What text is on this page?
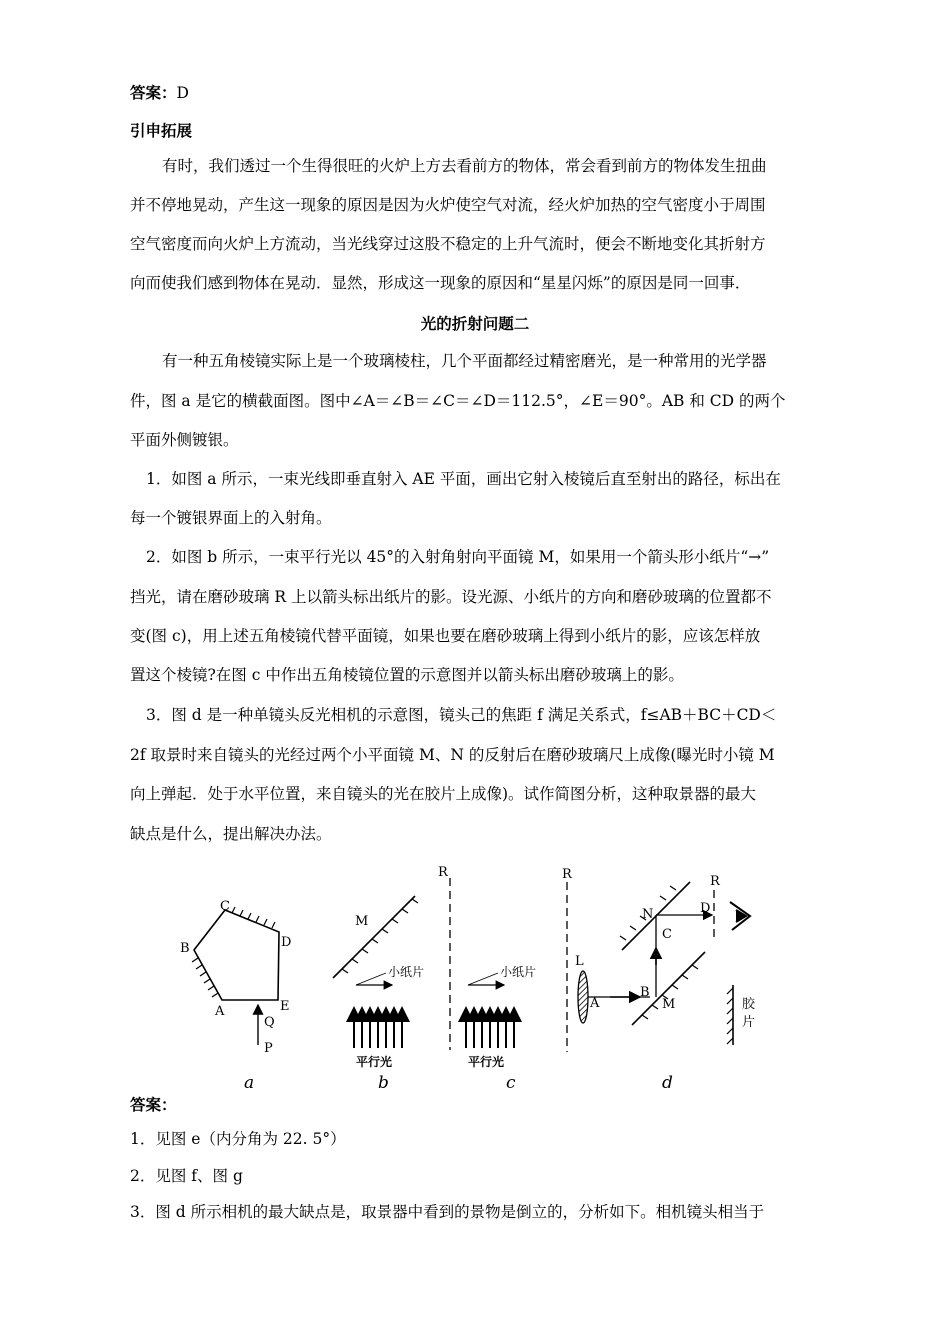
答案：D
引申拓展
有时，我们透过一个生得很旺的火炉上方去看前方的物体，常会看到前方的物体发生扭曲
并不停地晃动，产生这一现象的原因是因为火炉使空气对流，经火炉加热的空气密度小于周围
空气密度而向火炉上方流动，当光线穿过这股不稳定的上升气流时，便会不断地变化其折射方
向而使我们感到物体在晃动．显然，形成这一现象的原因和“星星闪烁”的原因是同一回事．
光的折射问题二
有一种五角棱镜实际上是一个玻璃棱柱，几个平面都经过精密磨光，是一种常用的光学器
件，图 a 是它的横截面图。图中∠A＝∠B＝∠C＝∠D＝112.5°，∠E＝90°。AB 和 CD 的两个
平面外侧镀银。
1．如图 a 所示，一束光线即垂直射入 AE 平面，画出它射入棱镜后直至射出的路径，标出在
每一个镀银界面上的入射角。
2．如图 b 所示，一束平行光以 45°的入射角射向平面镜 M，如果用一个箭头形小纸片“→”
挡光，请在磨砂玻璃 R 上以箭头标出纸片的影。设光源、小纸片的方向和磨砂玻璃的位置都不
变(图 c)，用上述五角棱镜代替平面镜，如果也要在磨砂玻璃上得到小纸片的影，应该怎样放
置这个棱镜?在图 c 中作出五角棱镜位置的示意图并以箭头标出磨砂玻璃上的影。
3．图 d 是一种单镜头反光相机的示意图，镜头己的焦距 f 满足关系式，f≤AB＋BC＋CD＜
2f 取景时来自镜头的光经过两个小平面镜 M、N 的反射后在磨砂玻璃尺上成像(曝光时小镜 M
向上弹起．处于水平位置，来自镜头的光在胶片上成像)。试作简图分析，这种取景器的最大
缺点是什么，提出解决办法。
A
B
C
D
E
Q
P
a
M
R
小纸片
平行光
b
小纸片
平行光
c
R
L
A
B
M
C
N	D
R
胶
片
d
答案：
1．见图 e（内分角为 22. 5°）
2．见图 f、图 g
3．图 d 所示相机的最大缺点是，取景器中看到的景物是倒立的，分析如下。相机镜头相当于
